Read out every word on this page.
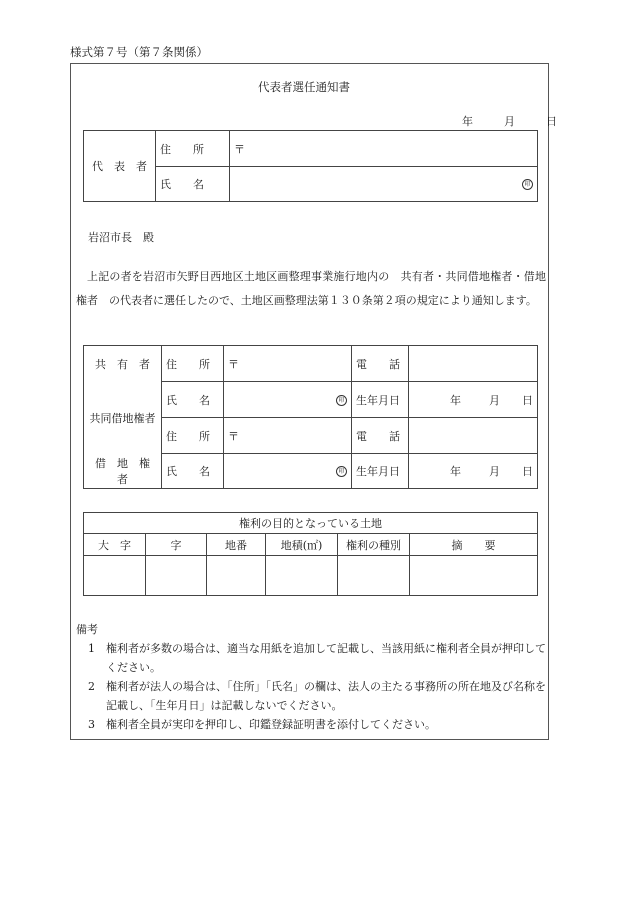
様式第７号（第７条関係）
代表者選任通知書
年	月	日
代　表　者	住　　所	〒
	氏　　名	印
岩沼市長　殿
上記の者を岩沼市矢野目西地区土地区画整理事業施行地内の　共有者・共同借地権者・借地権者　の代表者に選任したので、土地区画整理法第１３０条第２項の規定により通知します。
共　有　者	住　　所	〒	電　　話	
共同借地権者	氏　　名	印	生年月日	年 月 日
	住　　所	〒	電　　話	
借　地　権　者	氏　　名	印	生年月日	年 月 日
権利の目的となっている土地					
大　字	字	地番	地積(㎡)	権利の種別	摘　　要

備考
1　 権利者が多数の場合は、適当な用紙を追加して記載し、当該用紙に権利者全員が押印してください。
2　 権利者が法人の場合は、「住所」「氏名」の欄は、法人の主たる事務所の所在地及び名称を記載し、「生年月日」は記載しないでください。
3　 権利者全員が実印を押印し、印鑑登録証明書を添付してください。
